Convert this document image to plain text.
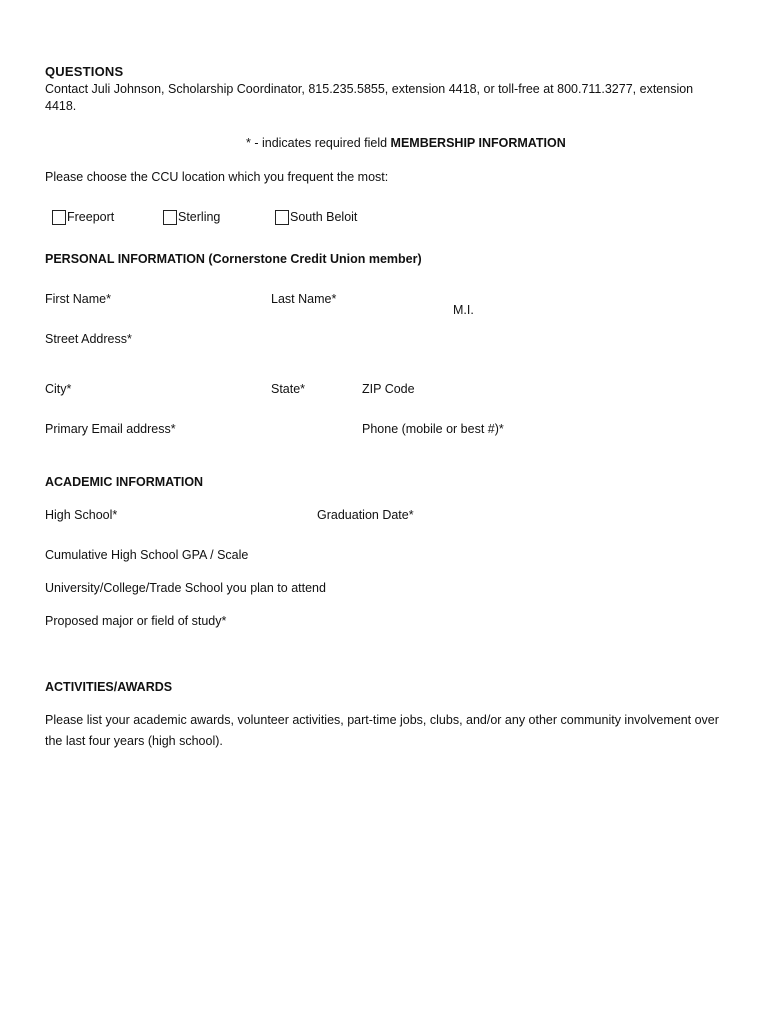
QUESTIONS
Contact Juli Johnson, Scholarship Coordinator, 815.235.5855, extension 4418, or toll-free at 800.711.3277, extension 4418.
* - indicates required field MEMBERSHIP INFORMATION
Please choose the CCU location which you frequent the most:
Freeport	Sterling	South Beloit
PERSONAL INFORMATION (Cornerstone Credit Union member)
First Name*	Last Name*
M.I.
Street Address*
City*	State*	ZIP Code
Primary Email address*	Phone (mobile or best #)*
ACADEMIC INFORMATION
High School*	Graduation Date*
Cumulative High School GPA / Scale
University/College/Trade School you plan to attend
Proposed major or field of study*
ACTIVITIES/AWARDS
Please list your academic awards, volunteer activities, part-time jobs, clubs, and/or any other community involvement over the last four years (high school).
